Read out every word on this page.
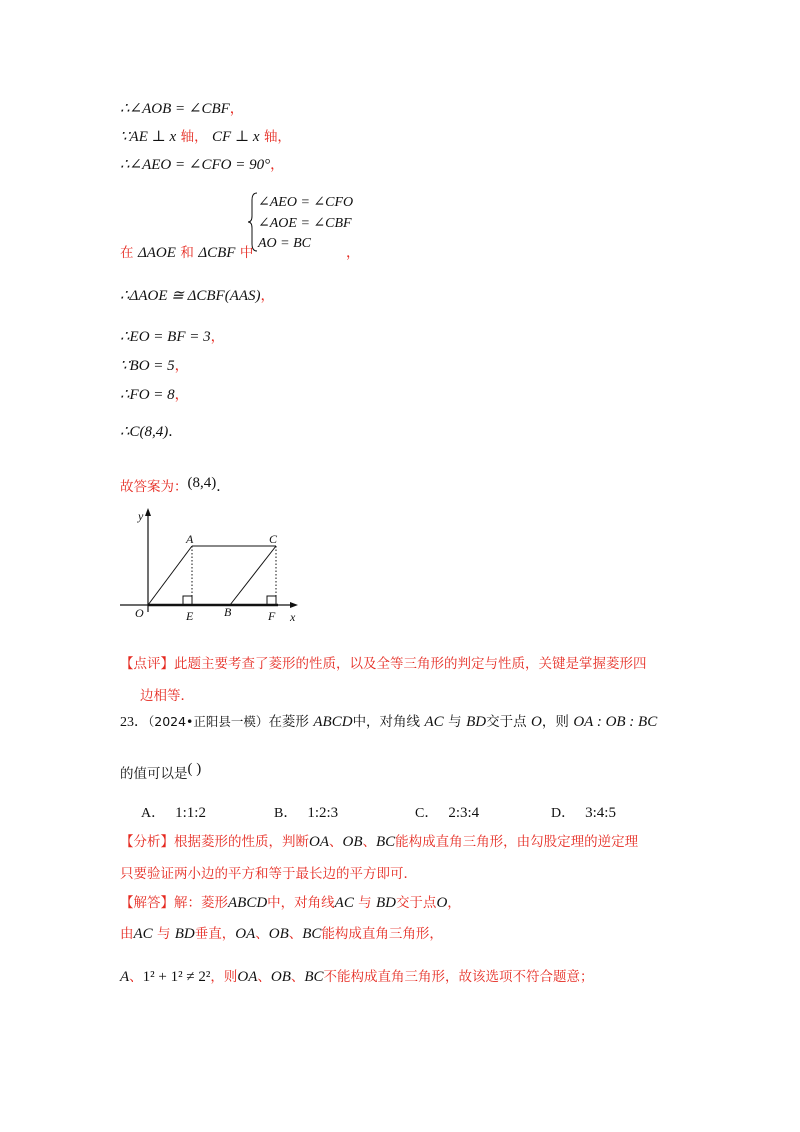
∴∠AOB = ∠CBF，
∵AE ⊥ x 轴， CF ⊥ x 轴，
∴∠AEO = ∠CFO = 90°，
∠AEO = ∠CFO
∠AOE = ∠CBF
AO = BC
在 ΔAOE 和 ΔCBF 中	，
∴ΔAOE ≅ ΔCBF(AAS)，
∴EO = BF = 3，
∵BO = 5，
∴FO = 8，
∴C(8,4)．
故答案为：(8,4)．
y
x
O
A	C
E	B	F
【点评】此题主要考查了菱形的性质，以及全等三角形的判定与性质，关键是掌握菱形四
边相等．
23．（2024•正阳县一模）在菱形 ABCD中，对角线 AC 与 BD交于点 O，则 OA : OB : BC
的值可以是( )
A． 1:1:2	B． 1:2:3	C． 2:3:4	D． 3:4:5
【分析】根据菱形的性质，判断OA、OB、BC能构成直角三角形，由勾股定理的逆定理
只要验证两小边的平方和等于最长边的平方即可．
【解答】解：菱形ABCD中，对角线AC 与 BD交于点O，
由AC 与 BD垂直，OA、OB、BC能构成直角三角形，
A、1² + 1² ≠ 2²，则OA、OB、BC不能构成直角三角形，故该选项不符合题意；
